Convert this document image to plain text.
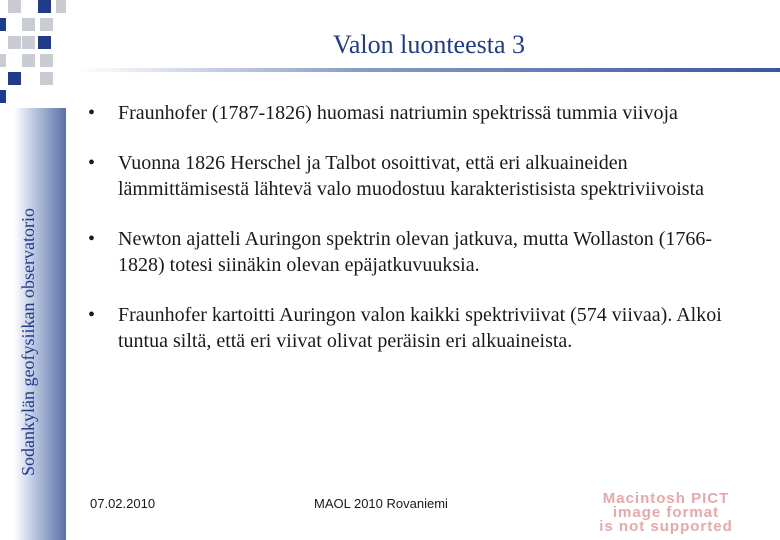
Sodankylän geofysiikan observatorio
Valon luonteesta 3
• Fraunhofer (1787-1826) huomasi natriumin spektrissä tummia viivoja
• Vuonna 1826 Herschel ja Talbot osoittivat, että eri alkuaineiden lämmittämisestä lähtevä valo muodostuu karakteristisista spektriviivoista
• Newton ajatteli Auringon spektrin olevan jatkuva, mutta Wollaston (1766-1828) totesi siinäkin olevan epäjatkuvuuksia.
• Fraunhofer kartoitti Auringon valon kaikki spektriviivat (574 viivaa). Alkoi tuntua siltä, että eri viivat olivat peräisin eri alkuaineista.
07.02.2010	MAOL 2010 Rovaniemi	Macintosh PICT
image format
is not supported
